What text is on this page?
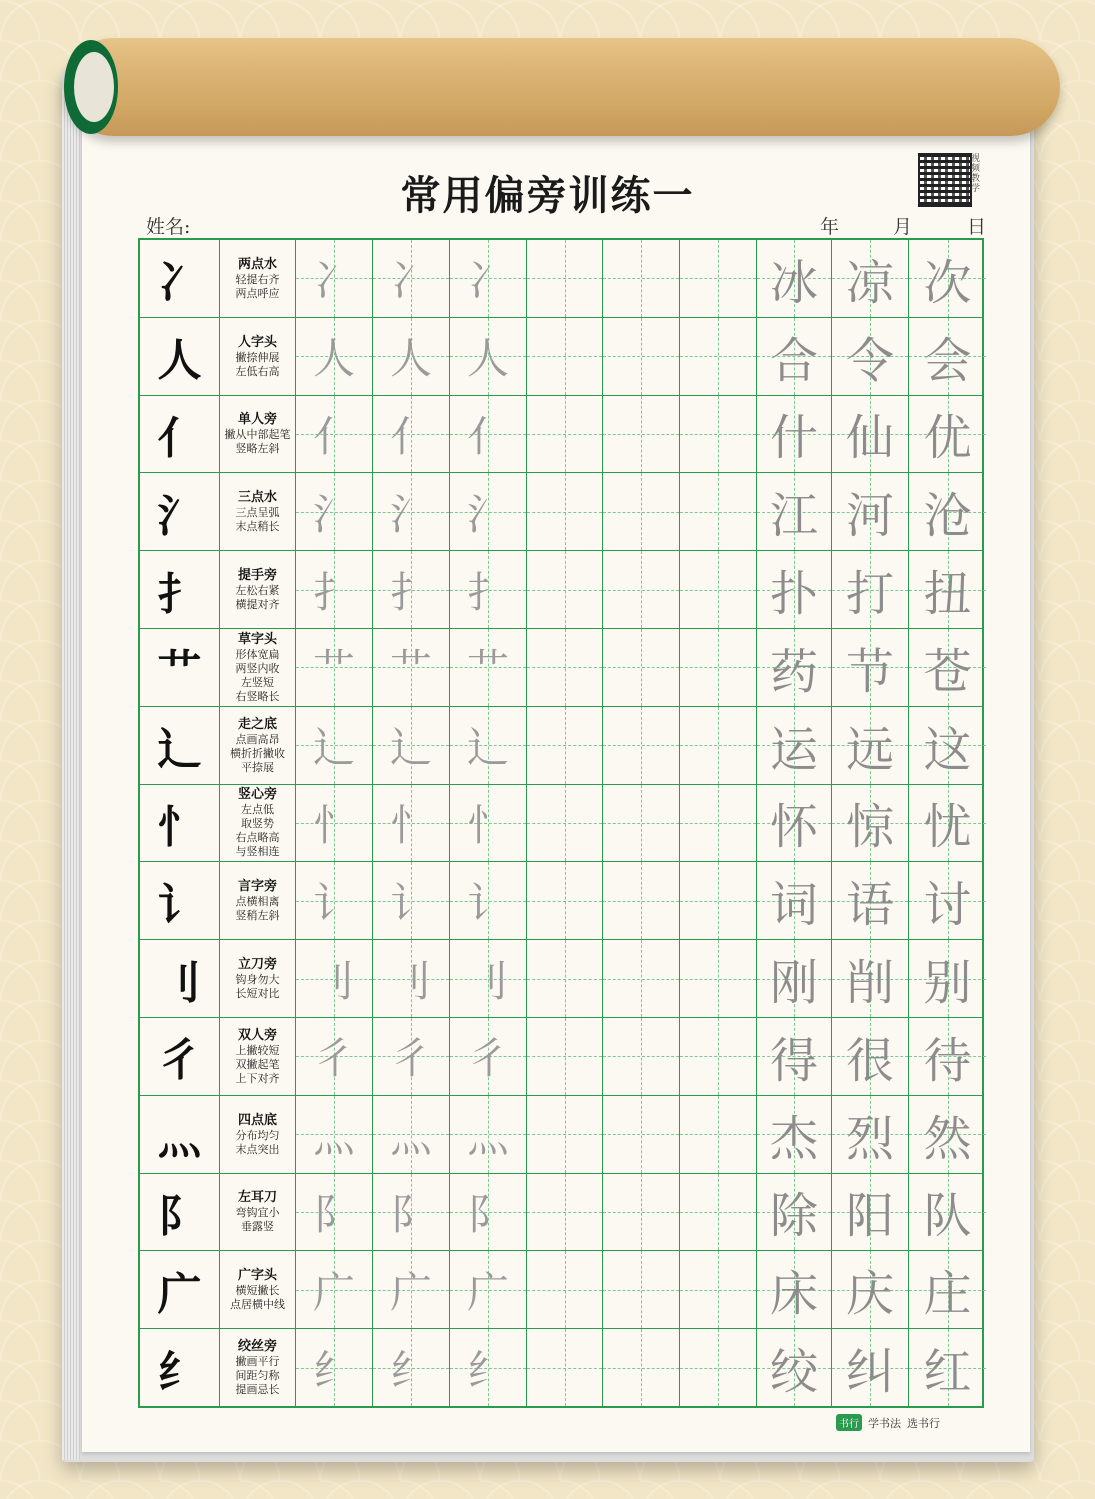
常用偏旁训练一
视频教学
姓名:	年	月	日
冫	两点水
轻提右齐
两点呼应 冫 冫 冫	冰 凉 次
人	人字头
撇捺伸展
左低右高 人 人 人	合 令 会
亻	单人旁
撇从中部起笔
竖略左斜 亻 亻 亻	什 仙 优
氵	三点水
三点呈弧
末点稍长 氵 氵 氵	江 河 沧
扌	提手旁
左松右紧
横提对齐 扌 扌 扌	扑 打 扭
艹
草字头
形体宽扁
两竖内收
左竖短
右竖略长
艹 艹 艹	药 节 苍
辶	走之底
点画高昂
横折折撇收
平捺展 辶 辶 辶	运 远 这
忄
竖心旁
左点低
取竖势
右点略高
与竖相连
忄 忄 忄	怀 惊 忧
讠	言字旁
点横相离
竖稍左斜 讠 讠 讠	词 语 讨
刂	立刀旁
钩身勿大
长短对比 刂 刂 刂	刚 削 别
彳	双人旁
上撇较短
双撇起笔
上下对齐 彳 彳 彳	得 很 待
灬	四点底
分布均匀
末点突出 灬 灬 灬	杰 烈 然
阝	左耳刀
弯钩宜小
垂露竖 阝 阝 阝	除 阳 队
广	广字头
横短撇长
点居横中线 广 广 广	床 庆 庄
纟	绞丝旁
撇画平行
间距匀称
提画忌长 纟 纟 纟	绞 纠 红
书行 学书法 选书行
